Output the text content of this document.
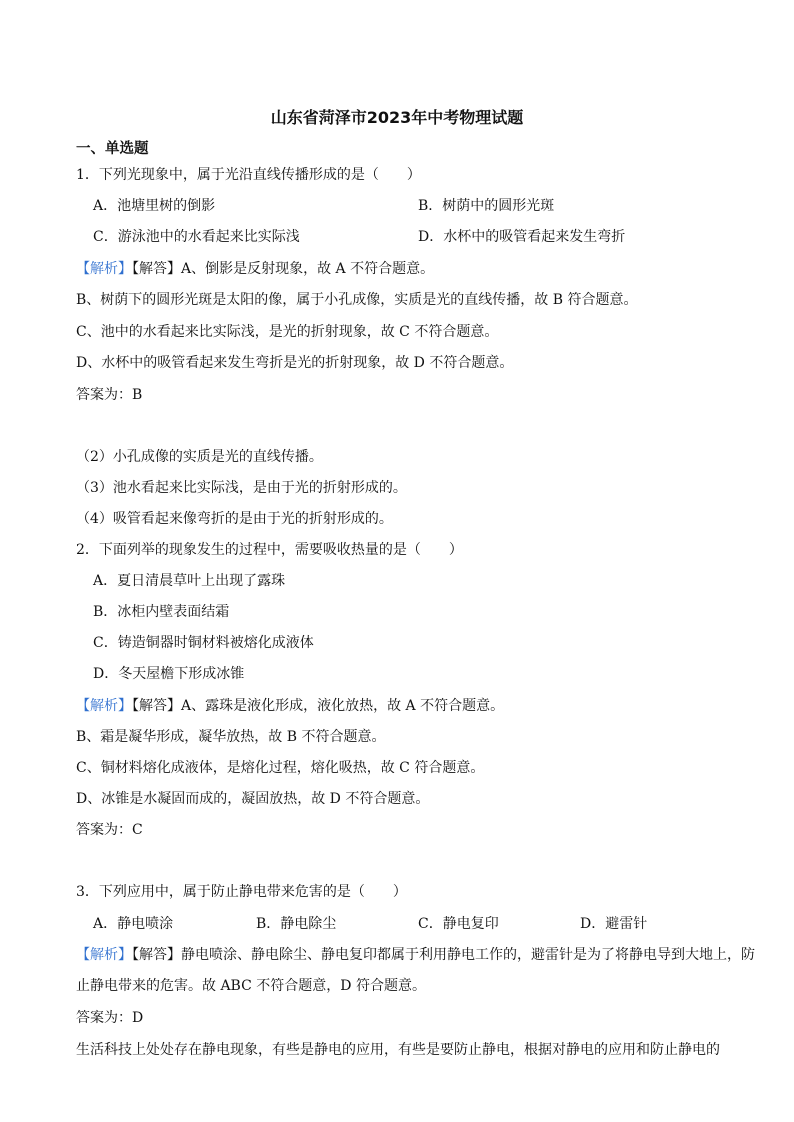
山东省菏泽市2023年中考物理试题
一、单选题
1．下列光现象中，属于光沿直线传播形成的是（　　）
A．池塘里树的倒影	B．树荫中的圆形光斑
C．游泳池中的水看起来比实际浅	D．水杯中的吸管看起来发生弯折
【解析】【解答】A、倒影是反射现象，故 A 不符合题意。
B、树荫下的圆形光斑是太阳的像，属于小孔成像，实质是光的直线传播，故 B 符合题意。
C、池中的水看起来比实际浅，是光的折射现象，故 C 不符合题意。
D、水杯中的吸管看起来发生弯折是光的折射现象，故 D 不符合题意。
答案为：B
（2）小孔成像的实质是光的直线传播。
（3）池水看起来比实际浅，是由于光的折射形成的。
（4）吸管看起来像弯折的是由于光的折射形成的。
2．下面列举的现象发生的过程中，需要吸收热量的是（　　）
A．夏日清晨草叶上出现了露珠
B．冰柜内壁表面结霜
C．铸造铜器时铜材料被熔化成液体
D．冬天屋檐下形成冰锥
【解析】【解答】A、露珠是液化形成，液化放热，故 A 不符合题意。
B、霜是凝华形成，凝华放热，故 B 不符合题意。
C、铜材料熔化成液体，是熔化过程，熔化吸热，故 C 符合题意。
D、冰锥是水凝固而成的，凝固放热，故 D 不符合题意。
答案为：C
3．下列应用中，属于防止静电带来危害的是（　　）
A．静电喷涂	B．静电除尘	C．静电复印	D．避雷针
【解析】【解答】静电喷涂、静电除尘、静电复印都属于利用静电工作的，避雷针是为了将静电导到大地上，防止静电带来的危害。故 ABC 不符合题意，D 符合题意。
答案为：D
生活科技上处处存在静电现象，有些是静电的应用，有些是要防止静电，根据对静电的应用和防止静电的
